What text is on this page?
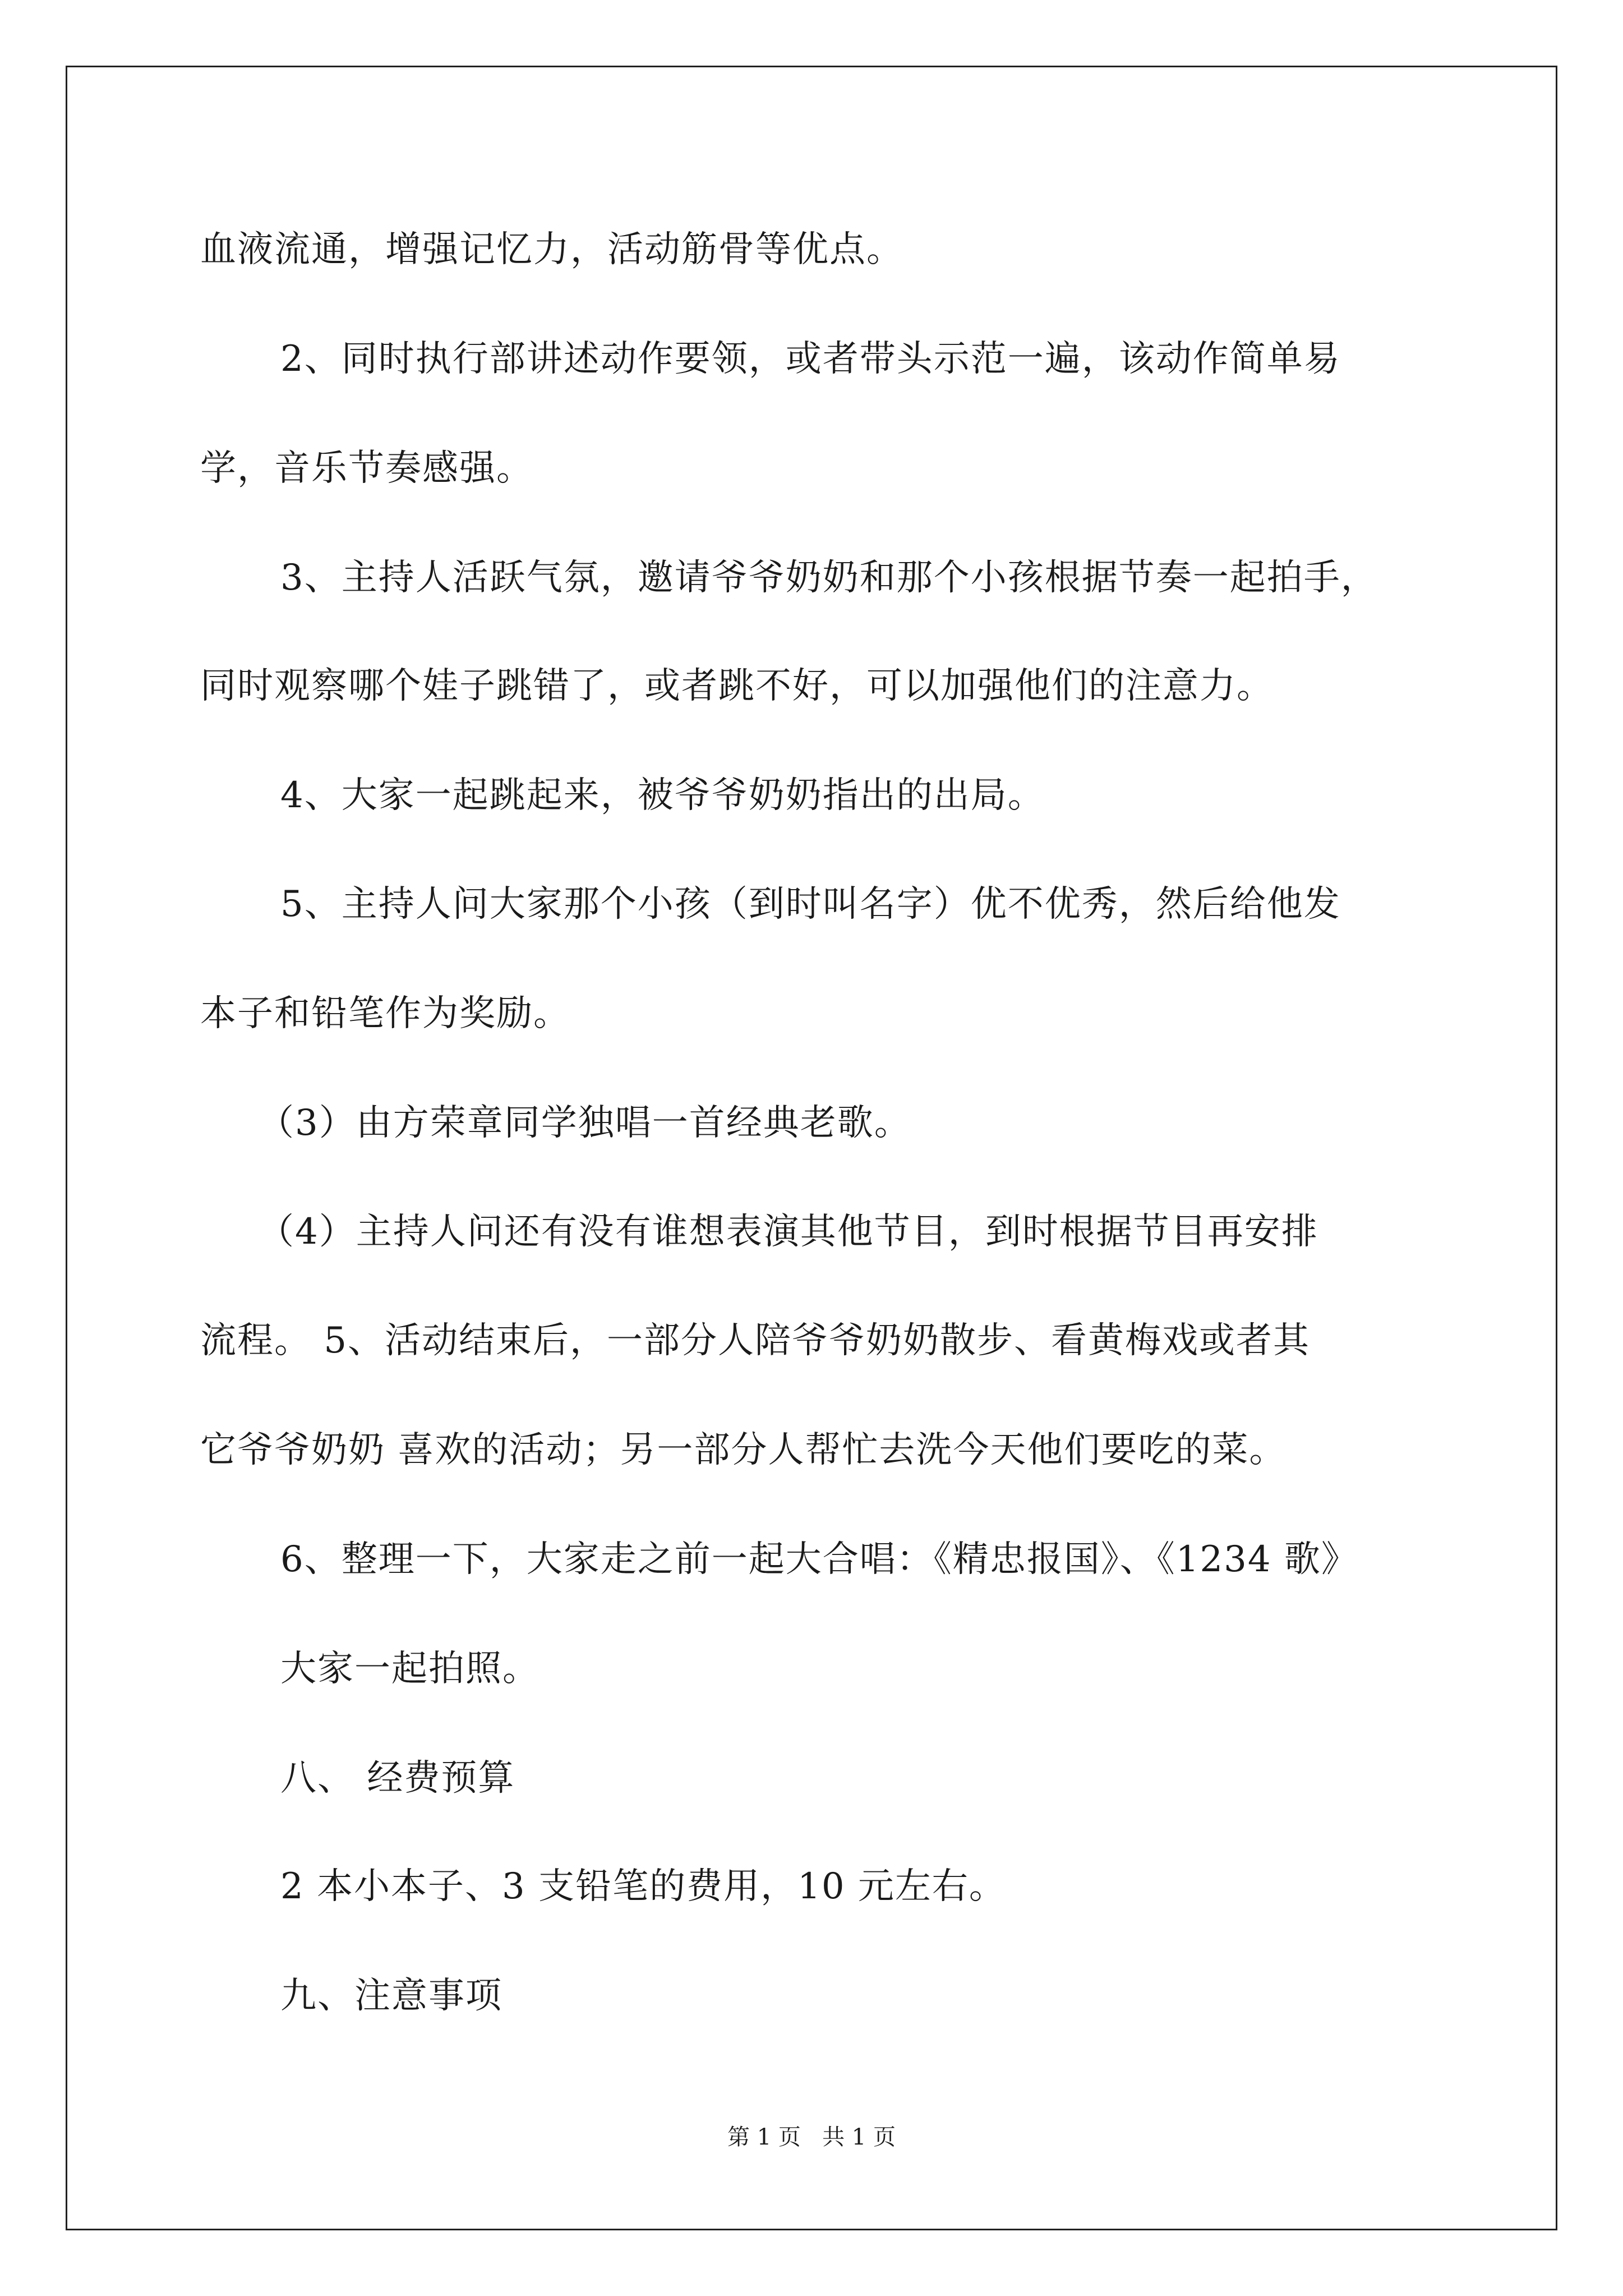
血液流通，增强记忆力，活动筋骨等优点。
2、同时执行部讲述动作要领，或者带头示范一遍，该动作简单易
学，音乐节奏感强。
3、主持人活跃气氛，邀请爷爷奶奶和那个小孩根据节奏一起拍手，
同时观察哪个娃子跳错了，或者跳不好，可以加强他们的注意力。
4、大家一起跳起来，被爷爷奶奶指出的出局。
5、主持人问大家那个小孩（到时叫名字）优不优秀，然后给他发
本子和铅笔作为奖励。
（3）由方荣章同学独唱一首经典老歌。
（4）主持人问还有没有谁想表演其他节目，到时根据节目再安排
流程。 5、活动结束后，一部分人陪爷爷奶奶散步、看黄梅戏或者其
它爷爷奶奶 喜欢的活动；另一部分人帮忙去洗今天他们要吃的菜。
6、整理一下，大家走之前一起大合唱：《精忠报国》、《1234 歌》
大家一起拍照。
八、 经费预算
2 本小本子、3 支铅笔的费用，10 元左右。
九、注意事项
第 1 页   共 1 页
